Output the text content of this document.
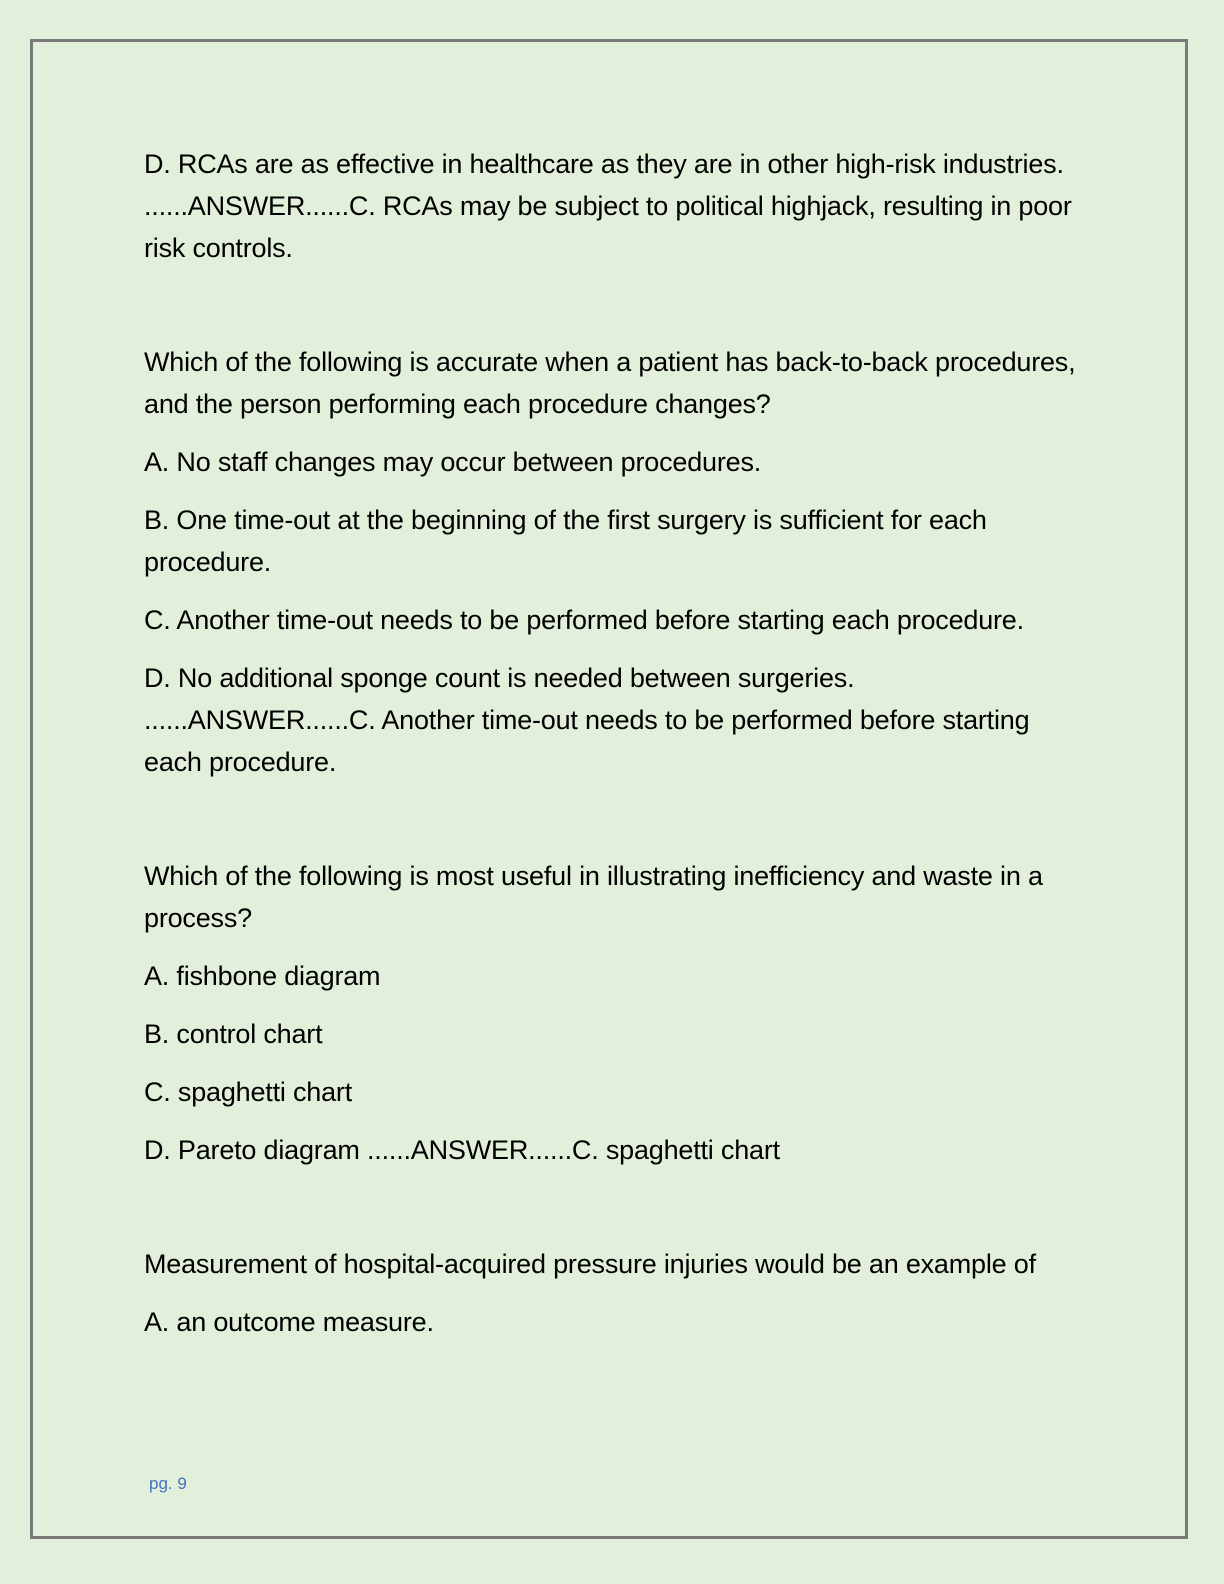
D. RCAs are as effective in healthcare as they are in other high-risk industries. ......ANSWER......C. RCAs may be subject to political highjack, resulting in poor risk controls.

Which of the following is accurate when a patient has back-to-back procedures, and the person performing each procedure changes?

A. No staff changes may occur between procedures.

B. One time-out at the beginning of the first surgery is sufficient for each procedure.

C. Another time-out needs to be performed before starting each procedure.

D. No additional sponge count is needed between surgeries. ......ANSWER......C. Another time-out needs to be performed before starting each procedure.

Which of the following is most useful in illustrating inefficiency and waste in a process?

A. fishbone diagram

B. control chart

C. spaghetti chart

D. Pareto diagram ......ANSWER......C. spaghetti chart

Measurement of hospital-acquired pressure injuries would be an example of

A. an outcome measure.

pg. 9
